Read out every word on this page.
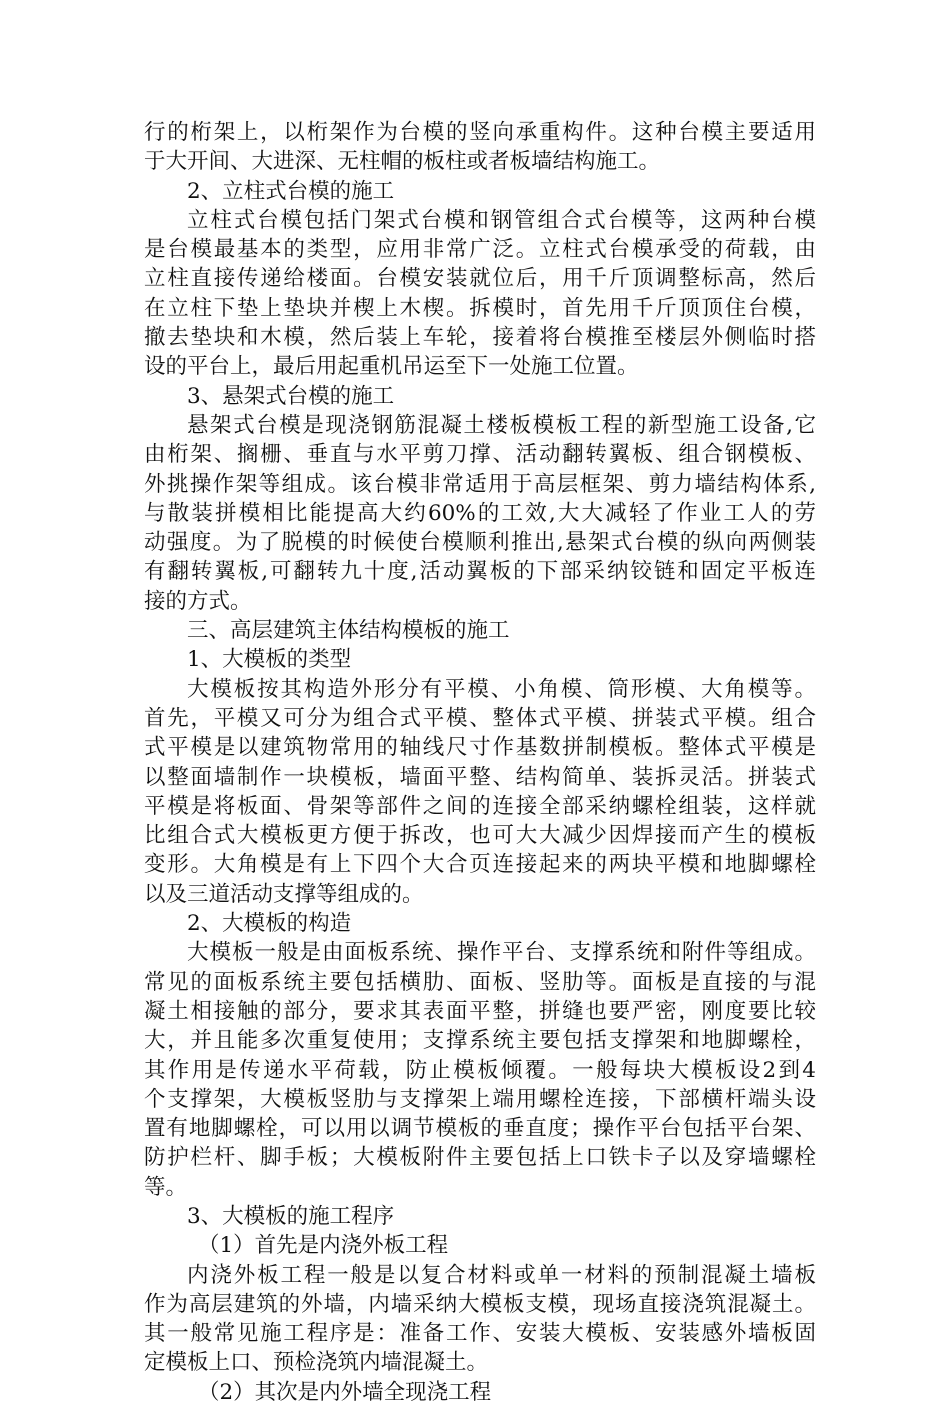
行的桁架上，以桁架作为台模的竖向承重构件。这种台模主要适用
于大开间、大进深、无柱帽的板柱或者板墙结构施工。
2、立柱式台模的施工
立柱式台模包括门架式台模和钢管组合式台模等，这两种台模
是台模最基本的类型，应用非常广泛。立柱式台模承受的荷载，由
立柱直接传递给楼面。台模安装就位后，用千斤顶调整标高，然后
在立柱下垫上垫块并楔上木楔。拆模时，首先用千斤顶顶住台模，
撤去垫块和木模，然后装上车轮，接着将台模推至楼层外侧临时搭
设的平台上，最后用起重机吊运至下一处施工位置。
3、悬架式台模的施工
悬架式台模是现浇钢筋混凝土楼板模板工程的新型施工设备,它
由桁架、搁栅、垂直与水平剪刀撑、活动翻转翼板、组合钢模板、
外挑操作架等组成。该台模非常适用于高层框架、剪力墙结构体系,
与散装拼模相比能提高大约60%的工效,大大减轻了作业工人的劳
动强度。为了脱模的时候使台模顺利推出,悬架式台模的纵向两侧装
有翻转翼板,可翻转九十度,活动翼板的下部采纳铰链和固定平板连
接的方式。
三、高层建筑主体结构模板的施工
1、大模板的类型
大模板按其构造外形分有平模、小角模、筒形模、大角模等。
首先，平模又可分为组合式平模、整体式平模、拼装式平模。组合
式平模是以建筑物常用的轴线尺寸作基数拼制模板。整体式平模是
以整面墙制作一块模板，墙面平整、结构简单、装拆灵活。拼装式
平模是将板面、骨架等部件之间的连接全部采纳螺栓组装，这样就
比组合式大模板更方便于拆改，也可大大减少因焊接而产生的模板
变形。大角模是有上下四个大合页连接起来的两块平模和地脚螺栓
以及三道活动支撑等组成的。
2、大模板的构造
大模板一般是由面板系统、操作平台、支撑系统和附件等组成。
常见的面板系统主要包括横肋、面板、竖肋等。面板是直接的与混
凝土相接触的部分，要求其表面平整，拼缝也要严密，刚度要比较
大，并且能多次重复使用；支撑系统主要包括支撑架和地脚螺栓，
其作用是传递水平荷载，防止模板倾覆。一般每块大模板设2到4
个支撑架，大模板竖肋与支撑架上端用螺栓连接，下部横杆端头设
置有地脚螺栓，可以用以调节模板的垂直度；操作平台包括平台架、
防护栏杆、脚手板；大模板附件主要包括上口铁卡子以及穿墙螺栓
等。
3、大模板的施工程序
（1）首先是内浇外板工程
内浇外板工程一般是以复合材料或单一材料的预制混凝土墙板
作为高层建筑的外墙，内墙采纳大模板支模，现场直接浇筑混凝土。
其一般常见施工程序是：准备工作、安装大模板、安装感外墙板固
定模板上口、预检浇筑内墙混凝土。
（2）其次是内外墙全现浇工程
